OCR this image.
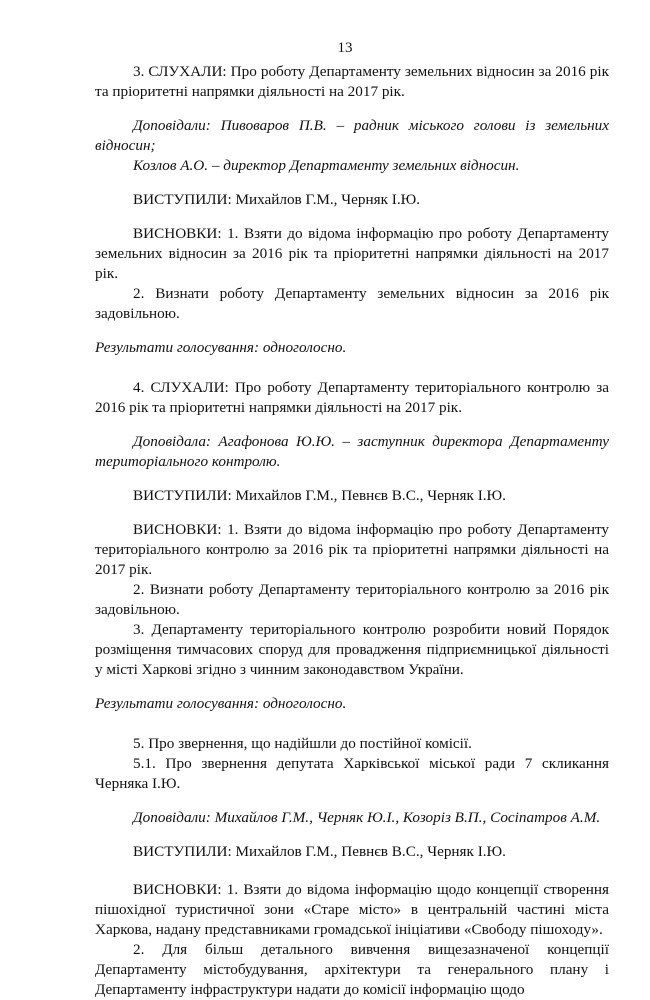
13

3. СЛУХАЛИ: Про роботу Департаменту земельних відносин за 2016 рік та пріоритетні напрямки діяльності на 2017 рік.

Доповідали: Пивоваров П.В. – радник міського голови із земельних відносин;

Козлов А.О. – директор Департаменту земельних відносин.

ВИСТУПИЛИ: Михайлов Г.М., Черняк І.Ю.

ВИСНОВКИ: 1. Взяти до відома інформацію про роботу Департаменту земельних відносин за 2016 рік та пріоритетні напрямки діяльності на 2017 рік.

2. Визнати роботу Департаменту земельних відносин за 2016 рік задовільною.

Результати голосування: одноголосно.

4. СЛУХАЛИ: Про роботу Департаменту територіального контролю за 2016 рік та пріоритетні напрямки діяльності на 2017 рік.

Доповідала: Агафонова Ю.Ю. – заступник директора Департаменту територіального контролю.

ВИСТУПИЛИ: Михайлов Г.М., Певнєв В.С., Черняк І.Ю.

ВИСНОВКИ: 1. Взяти до відома інформацію про роботу Департаменту територіального контролю за 2016 рік та пріоритетні напрямки діяльності на 2017 рік.

2. Визнати роботу Департаменту територіального контролю за 2016 рік задовільною.

3. Департаменту територіального контролю розробити новий Порядок розміщення тимчасових споруд для провадження підприємницької діяльності у місті Харкові згідно з чинним законодавством України.

Результати голосування: одноголосно.

5. Про звернення, що надійшли до постійної комісії.

5.1. Про звернення депутата Харківської міської ради 7 скликання Черняка І.Ю.

Доповідали: Михайлов Г.М., Черняк Ю.І., Козоріз В.П., Сосіпатров А.М.

ВИСТУПИЛИ: Михайлов Г.М., Певнєв В.С., Черняк І.Ю.

ВИСНОВКИ: 1. Взяти до відома інформацію щодо концепції створення пішохідної туристичної зони «Старе місто» в центральній частині міста Харкова, надану представниками громадської ініціативи «Свободу пішоходу».

2. Для більш детального вивчення вищезазначеної концепції Департаменту містобудування, архітектури та генерального плану і Департаменту інфраструктури надати до комісії інформацію щодо
